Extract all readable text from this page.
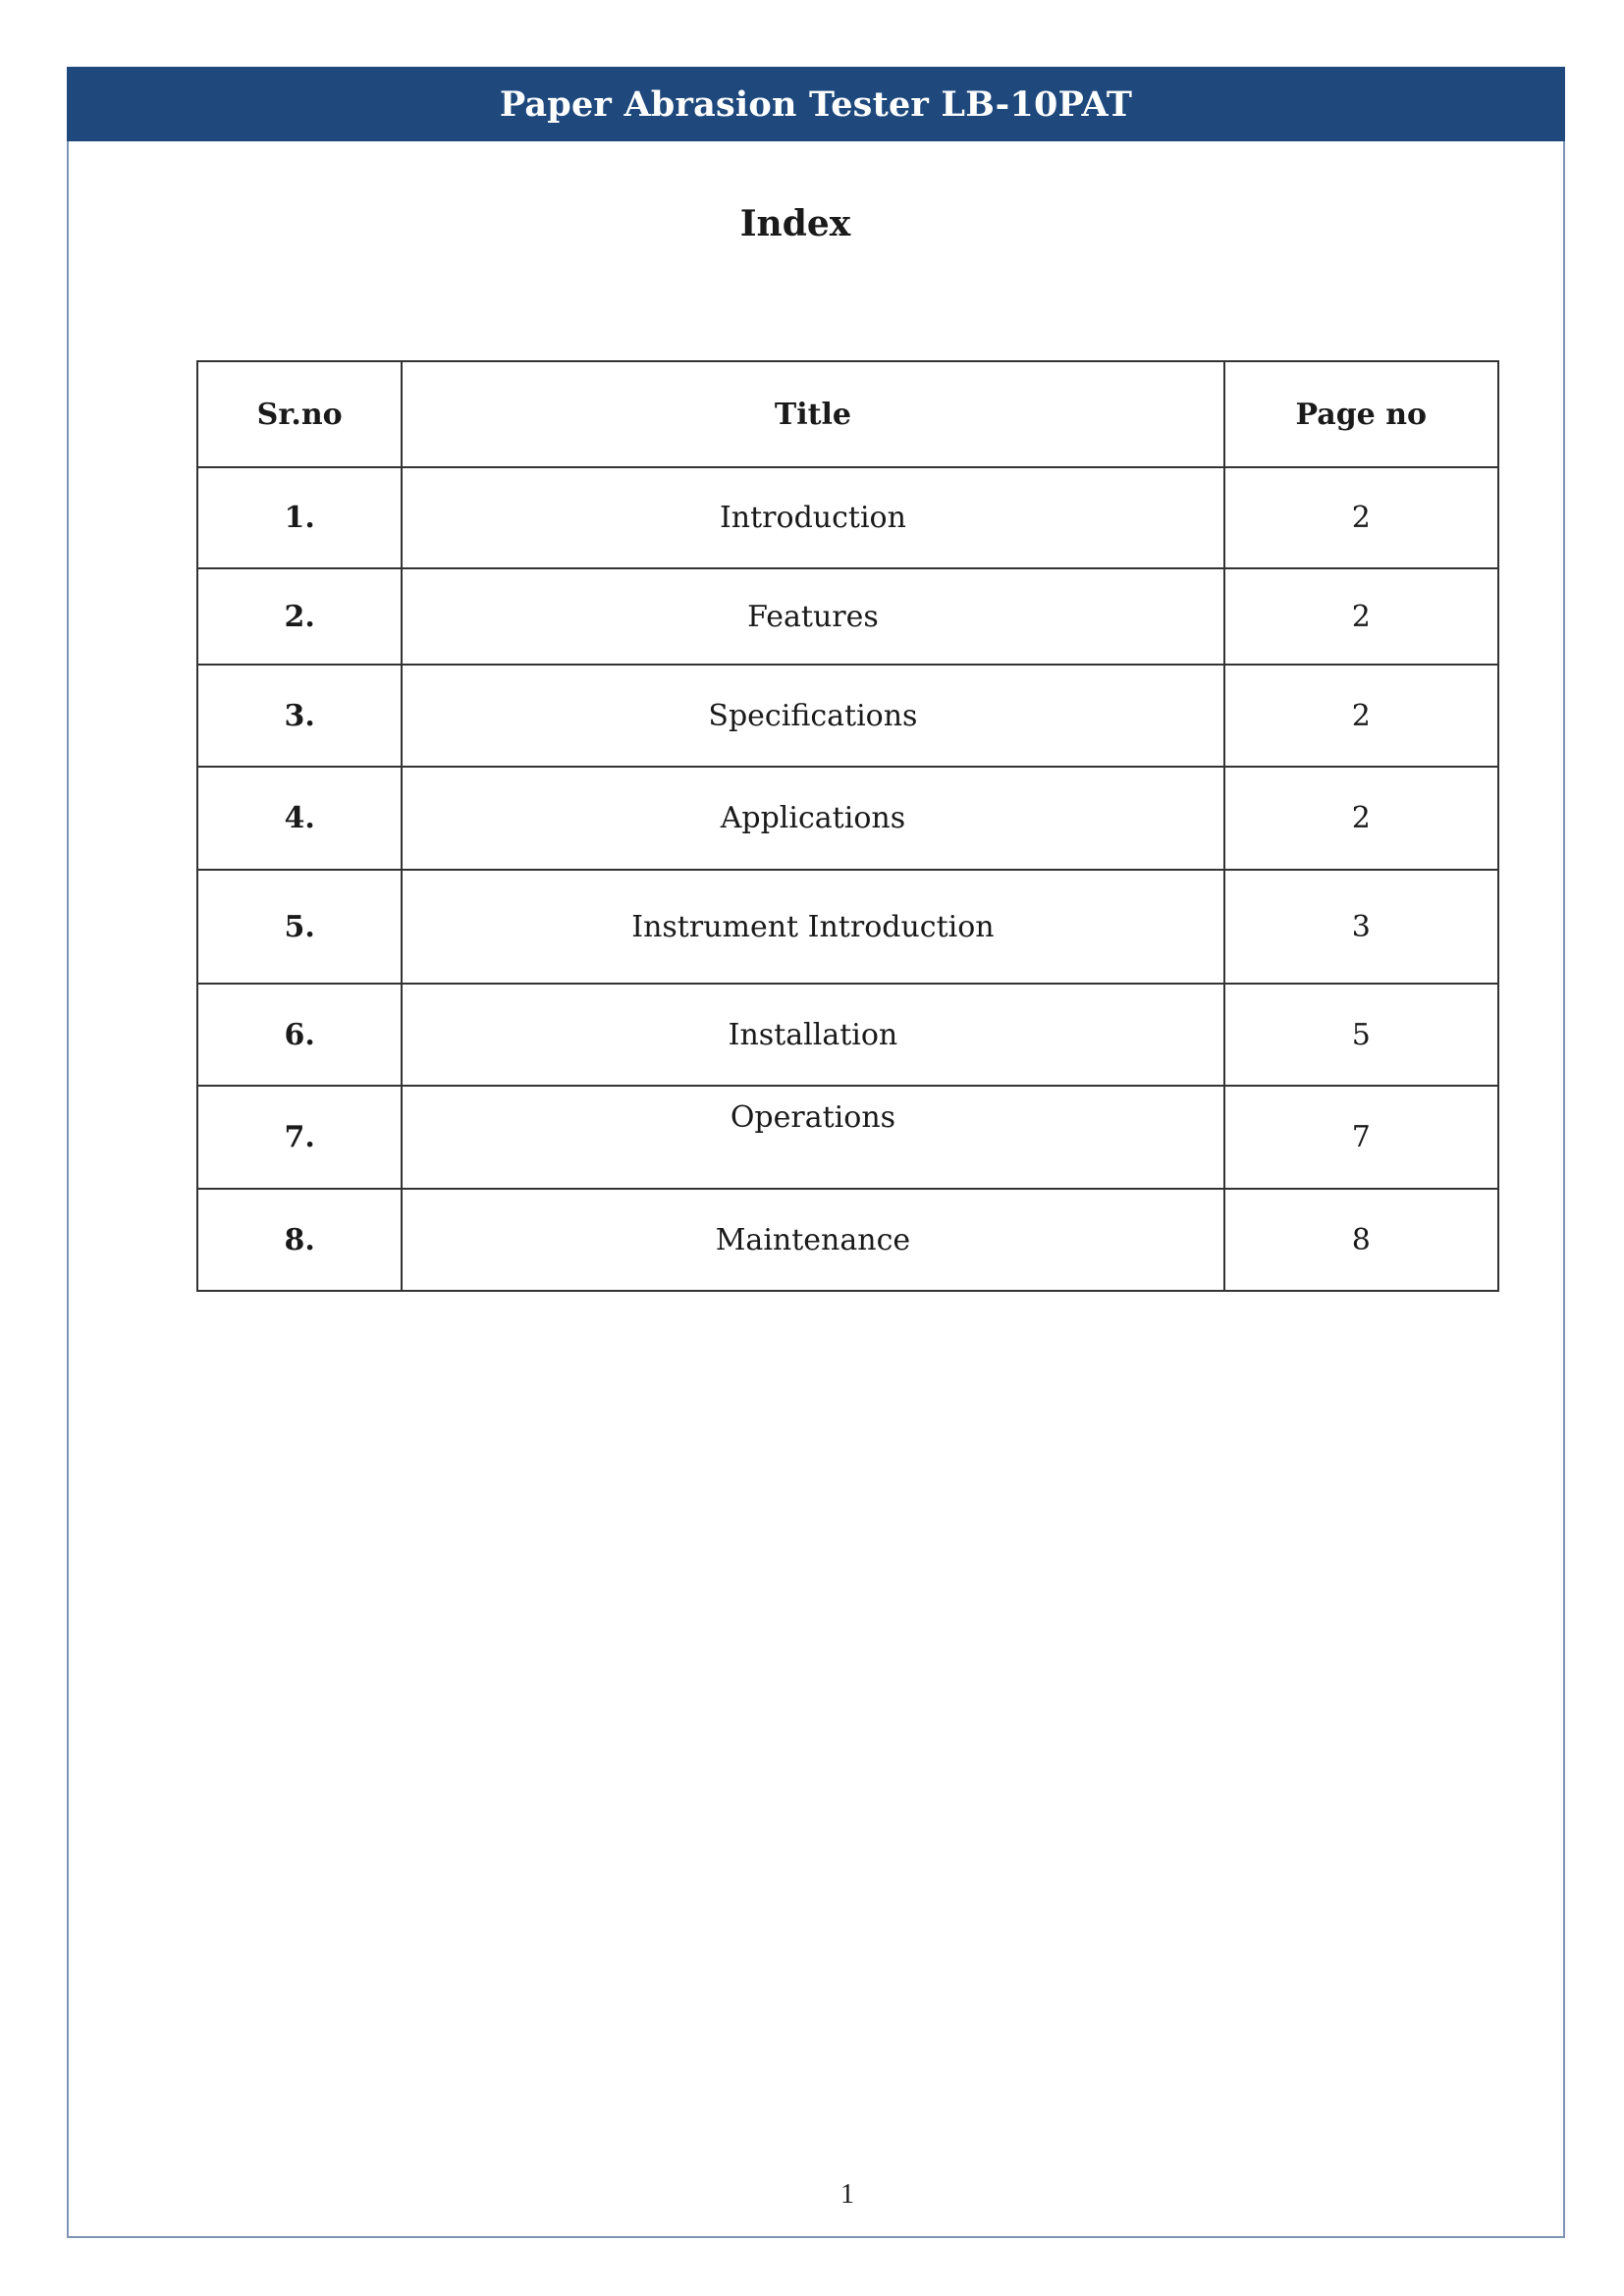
Paper Abrasion Tester LB-10PAT
Index
Sr.no	Title	Page no
1.	Introduction	2
2.	Features	2
3.	Specifications	2
4.	Applications	2
5.	Instrument Introduction	3
6.	Installation	5
7.	Operations	7
8.	Maintenance	8
1
